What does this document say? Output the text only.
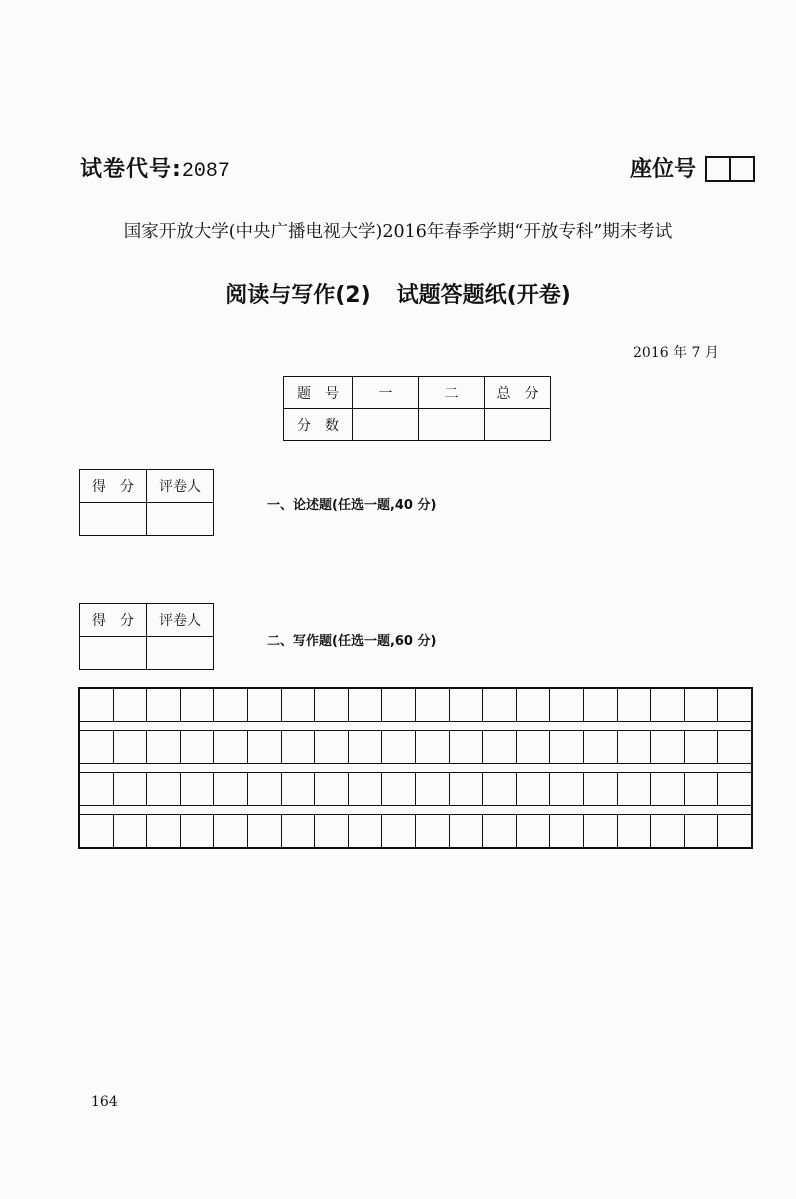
试卷代号:2087	座位号
国家开放大学(中央广播电视大学)2016年春季学期“开放专科”期末考试
阅读与写作(2) 试题答题纸(开卷)
2016 年 7 月
题　号	一	二	总　分
分　数			
得　分	评卷人

一、论述题(任选一题,40 分)
得　分	评卷人

二、写作题(任选一题,60 分)
164
